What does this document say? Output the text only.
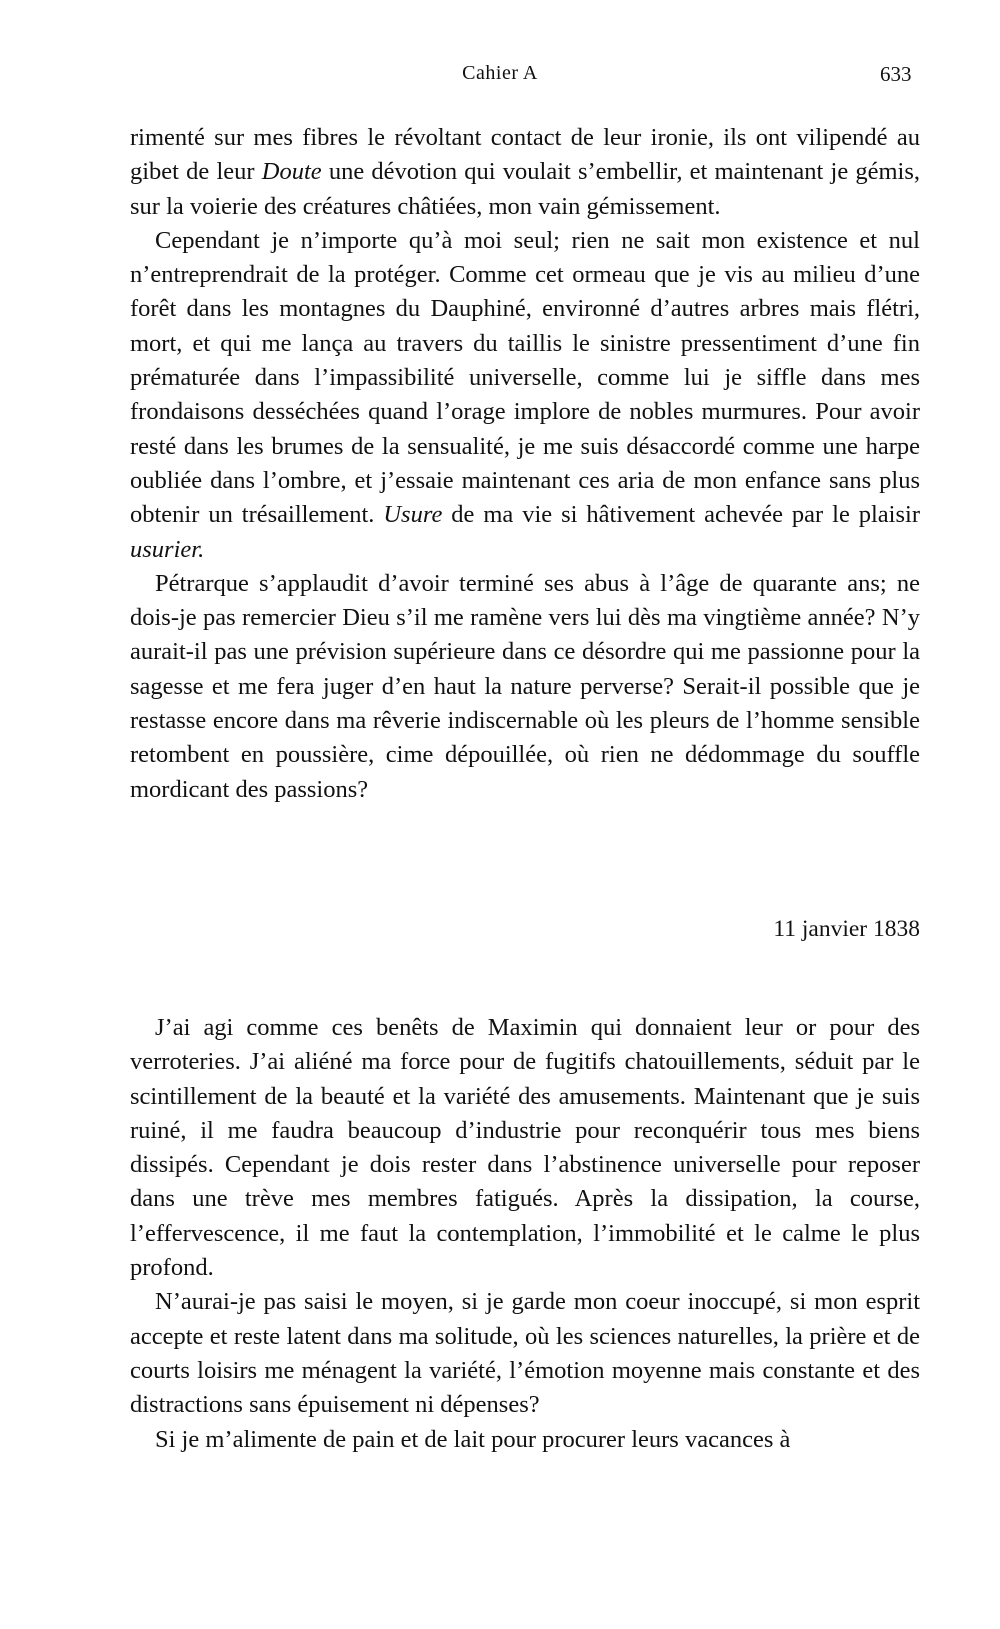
Cahier A	633

rimenté sur mes fibres le révoltant contact de leur ironie, ils ont vilipendé au gibet de leur Doute une dévotion qui voulait s’embellir, et maintenant je gémis, sur la voierie des créatures châtiées, mon vain gémissement.

Cependant je n’importe qu’à moi seul; rien ne sait mon existence et nul n’entreprendrait de la protéger. Comme cet ormeau que je vis au milieu d’une forêt dans les montagnes du Dauphiné, environné d’autres arbres mais flétri, mort, et qui me lança au travers du taillis le sinistre pressentiment d’une fin prématurée dans l’impassibilité universelle, comme lui je siffle dans mes frondaisons desséchées quand l’orage implore de nobles murmures. Pour avoir resté dans les brumes de la sensualité, je me suis désaccordé comme une harpe oubliée dans l’ombre, et j’essaie maintenant ces aria de mon enfance sans plus obtenir un trésaillement. Usure de ma vie si hâtivement achevée par le plaisir usurier.

Pétrarque s’applaudit d’avoir terminé ses abus à l’âge de quarante ans; ne dois-je pas remercier Dieu s’il me ramène vers lui dès ma vingtième année? N’y aurait-il pas une prévision supérieure dans ce désordre qui me passionne pour la sagesse et me fera juger d’en haut la nature perverse? Serait-il possible que je restasse encore dans ma rêverie indiscernable où les pleurs de l’homme sensible retombent en poussière, cime dépouillée, où rien ne dédommage du souffle mordicant des passions?

11 janvier 1838

J’ai agi comme ces benêts de Maximin qui donnaient leur or pour des verroteries. J’ai aliéné ma force pour de fugitifs chatouillements, séduit par le scintillement de la beauté et la variété des amusements. Maintenant que je suis ruiné, il me faudra beaucoup d’industrie pour reconquérir tous mes biens dissipés. Cependant je dois rester dans l’abstinence universelle pour reposer dans une trève mes membres fatigués. Après la dissipation, la course, l’effervescence, il me faut la contemplation, l’immobilité et le calme le plus profond.

N’aurai-je pas saisi le moyen, si je garde mon coeur inoccupé, si mon esprit accepte et reste latent dans ma solitude, où les sciences naturelles, la prière et de courts loisirs me ménagent la variété, l’émotion moyenne mais constante et des distractions sans épuisement ni dépenses?

Si je m’alimente de pain et de lait pour procurer leurs vacances à
